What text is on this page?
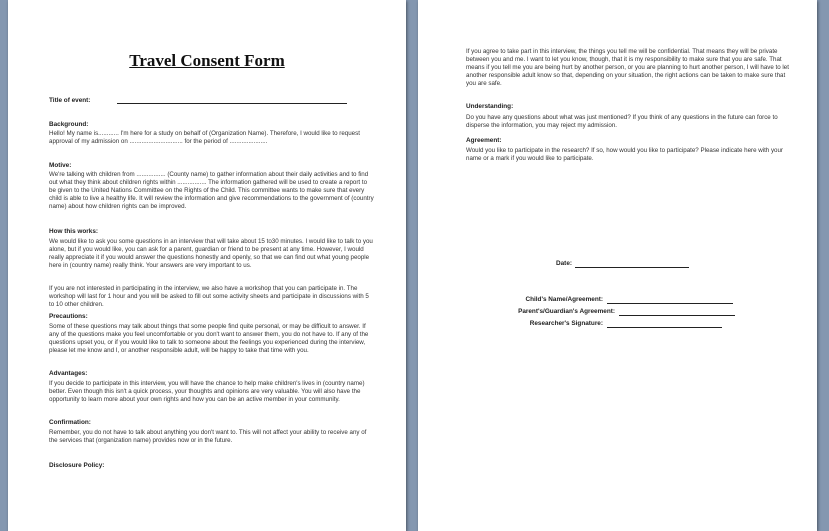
Travel Consent Form
Title of event:
Background:
Hello! My name is............ I'm here for a study on behalf of (Organization Name). Therefore, I would like to request approval of my admission on ............................... for the period of ......................
Motive:
We're talking with children from ................. (County name) to gather information about their daily activities and to find out what they think about children rights within ................. The information gathered will be used to create a report to be given to the United Nations Committee on the Rights of the Child. This committee wants to make sure that every child is able to live a healthy life. It will review the information and give recommendations to the government of (country name) about how children rights can be improved.
How this works:
We would like to ask you some questions in an interview that will take about 15 to30 minutes. I would like to talk to you alone, but if you would like, you can ask for a parent, guardian or friend to be present at any time. However, I would really appreciate it if you would answer the questions honestly and openly, so that we can find out what young people here in (country name) really think. Your answers are very important to us.
If you are not interested in participating in the interview, we also have a workshop that you can participate in. The workshop will last for 1 hour and you will be asked to fill out some activity sheets and participate in discussions with 5 to 10 other children.
Precautions:
Some of these questions may talk about things that some people find quite personal, or may be difficult to answer. If any of the questions make you feel uncomfortable or you don't want to answer them, you do not have to. If any of the questions upset you, or if you would like to talk to someone about the feelings you experienced during the interview, please let me know and I, or another responsible adult, will be happy to take that time with you.
Advantages:
If you decide to participate in this interview, you will have the chance to help make children's lives in (country name) better. Even though this isn't a quick process, your thoughts and opinions are very valuable. You will also have the opportunity to learn more about your own rights and how you can be an active member in your community.
Confirmation:
Remember, you do not have to talk about anything you don't want to. This will not affect your ability to receive any of the services that (organization name) provides now or in the future.
Disclosure Policy:
If you agree to take part in this interview, the things you tell me will be confidential. That means they will be private between you and me. I want to let you know, though, that it is my responsibility to make sure that you are safe. That means if you tell me you are being hurt by another person, or you are planning to hurt another person, I will have to let another responsible adult know so that, depending on your situation, the right actions can be taken to make sure that you are safe.
Understanding:
Do you have any questions about what was just mentioned? If you think of any questions in the future can force to disperse the information, you may reject my admission.
Agreement:
Would you like to participate in the research? If so, how would you like to participate? Please indicate here with your name or a mark if you would like to participate.
Date:
Child's Name/Agreement:
Parent's/Guardian's Agreement:
Researcher's Signature:
